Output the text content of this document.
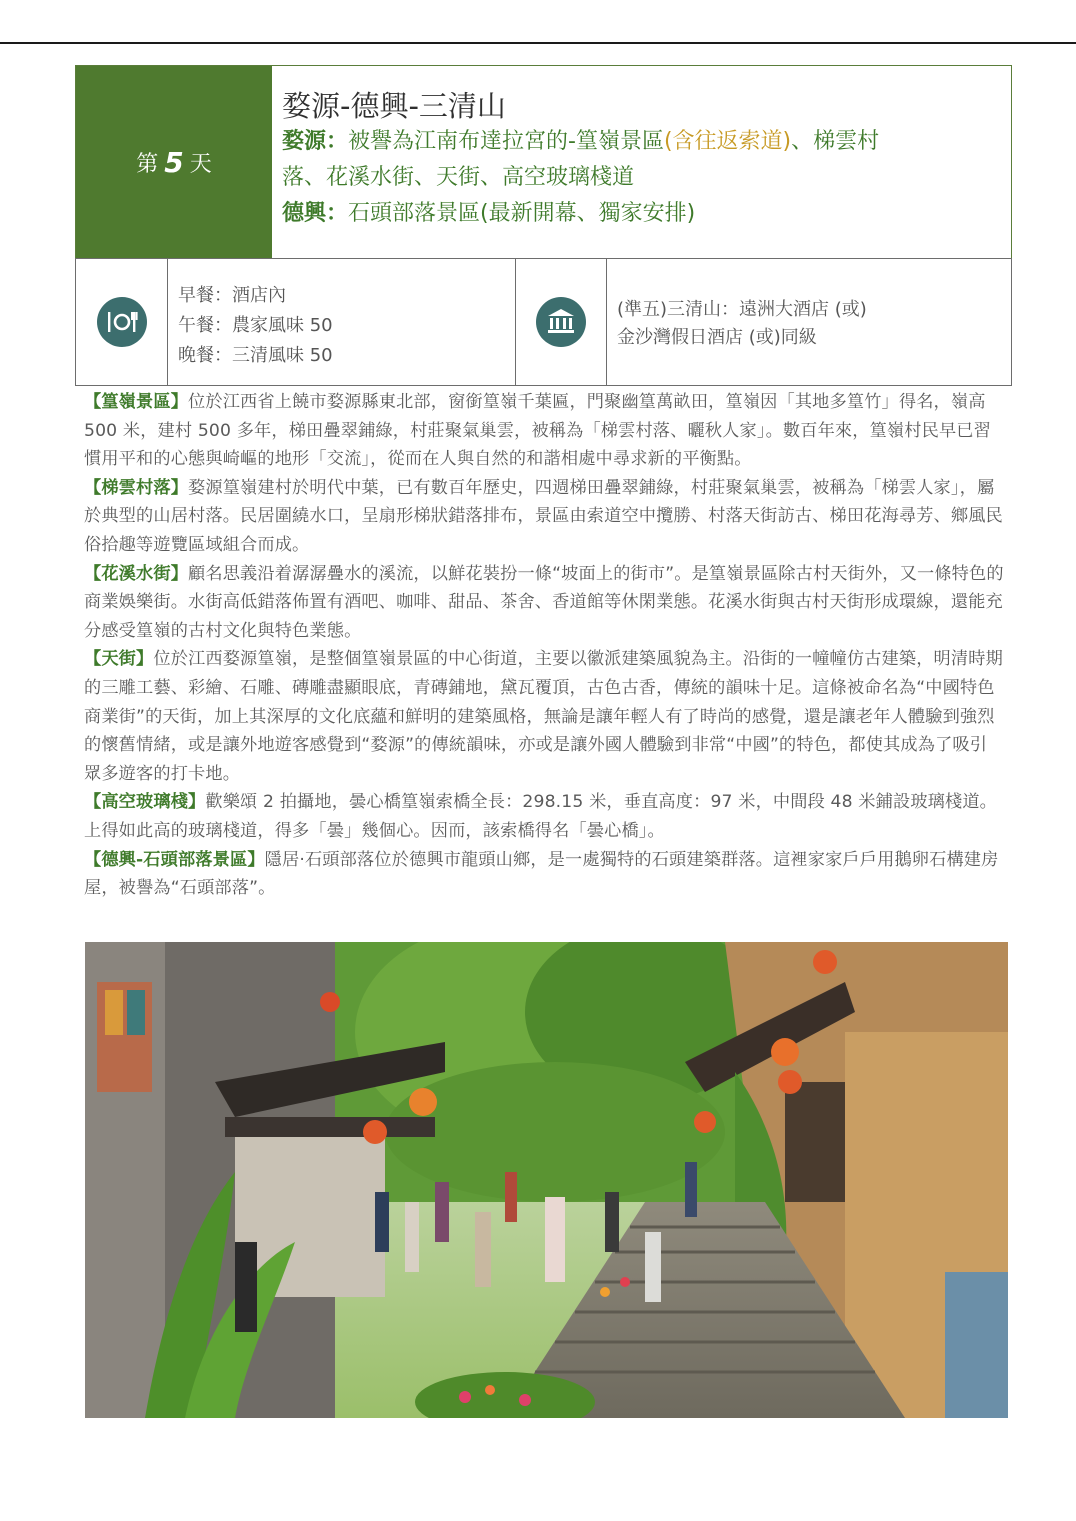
第 5 天
婺源-德興-三清山
婺源：被譽為江南布達拉宮的-篁嶺景區(含往返索道)、梯雲村
落、花溪水街、天街、高空玻璃棧道
德興：石頭部落景區(最新開幕、獨家安排)
早餐：酒店內
午餐：農家風味 50
晚餐：三清風味 50
(準五)三清山：遠洲大酒店 (或)
金沙灣假日酒店 (或)同級

【篁嶺景區】位於江西省上饒市婺源縣東北部，窗銜篁嶺千葉匾，門聚幽篁萬畝田，篁嶺因「其地多篁竹」得名，嶺高 500 米，建村 500 多年，梯田疊翠鋪綠，村莊聚氣巢雲，被稱為「梯雲村落、曬秋人家」。數百年來，篁嶺村民早已習慣用平和的心態與崎嶇的地形「交流」，從而在人與自然的和諧相處中尋求新的平衡點。

【梯雲村落】婺源篁嶺建村於明代中葉，已有數百年歷史，四週梯田疊翠鋪綠，村莊聚氣巢雲，被稱為「梯雲人家」，屬於典型的山居村落。民居圍繞水口，呈扇形梯狀錯落排布，景區由索道空中攬勝、村落天街訪古、梯田花海尋芳、鄉風民俗拾趣等遊覽區域組合而成。

【花溪水街】顧名思義沿着潺潺疊水的溪流，以鮮花裝扮一條“坡面上的街市”。是篁嶺景區除古村天街外，又一條特色的商業娛樂街。水街高低錯落佈置有酒吧、咖啡、甜品、茶舍、香道館等休閑業態。花溪水街與古村天街形成環線，還能充分感受篁嶺的古村文化與特色業態。

【天街】位於江西婺源篁嶺，是整個篁嶺景區的中心街道，主要以徽派建築風貌為主。沿街的一幢幢仿古建築，明清時期的三雕工藝、彩繪、石雕、磚雕盡顯眼底，青磚鋪地，黛瓦覆頂，古色古香，傳統的韻味十足。這條被命名為“中國特色商業街”的天街，加上其深厚的文化底蘊和鮮明的建築風格，無論是讓年輕人有了時尚的感覺，還是讓老年人體驗到強烈的懷舊情緒，或是讓外地遊客感覺到“婺源”的傳統韻味，亦或是讓外國人體驗到非常“中國”的特色，都使其成為了吸引眾多遊客的打卡地。

【高空玻璃棧】歡樂頌 2 拍攝地，曇心橋篁嶺索橋全長：298.15 米，垂直高度：97 米，中間段 48 米鋪設玻璃棧道。上得如此高的玻璃棧道，得多「曇」幾個心。因而，該索橋得名「曇心橋」。

【德興-石頭部落景區】隱居·石頭部落位於德興市龍頭山鄉，是一處獨特的石頭建築群落。這裡家家戶戶用鵝卵石構建房屋，被譽為“石頭部落”。
